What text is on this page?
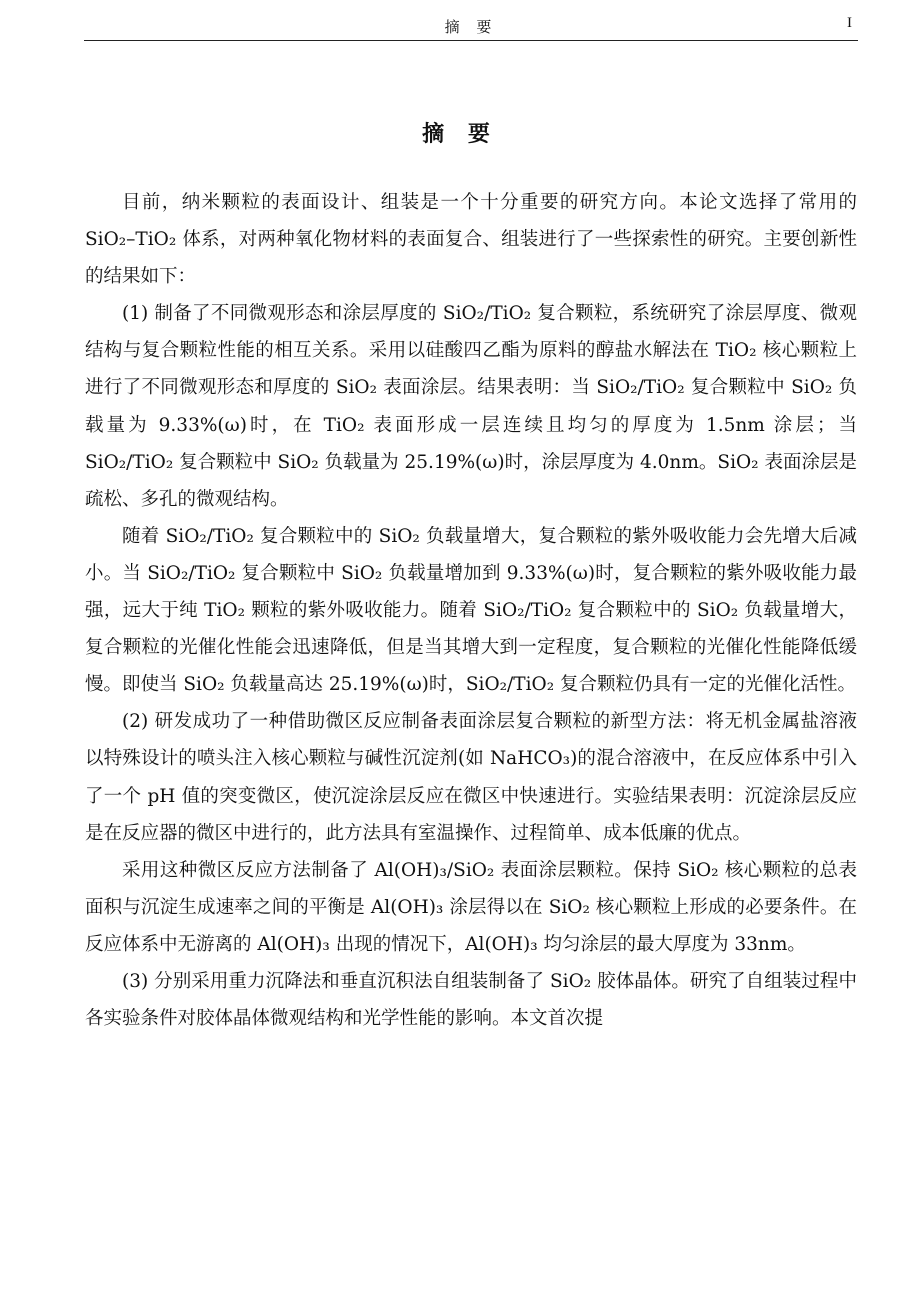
摘 要	I
摘 要

目前，纳米颗粒的表面设计、组装是一个十分重要的研究方向。本论文选择了常用的 SiO₂–TiO₂ 体系，对两种氧化物材料的表面复合、组装进行了一些探索性的研究。主要创新性的结果如下：

(1) 制备了不同微观形态和涂层厚度的 SiO₂/TiO₂ 复合颗粒，系统研究了涂层厚度、微观结构与复合颗粒性能的相互关系。采用以硅酸四乙酯为原料的醇盐水解法在 TiO₂ 核心颗粒上进行了不同微观形态和厚度的 SiO₂ 表面涂层。结果表明：当 SiO₂/TiO₂ 复合颗粒中 SiO₂ 负载量为 9.33%(ω)时，在 TiO₂ 表面形成一层连续且均匀的厚度为 1.5nm 涂层；当 SiO₂/TiO₂ 复合颗粒中 SiO₂ 负载量为 25.19%(ω)时，涂层厚度为 4.0nm。SiO₂ 表面涂层是疏松、多孔的微观结构。

随着 SiO₂/TiO₂ 复合颗粒中的 SiO₂ 负载量增大，复合颗粒的紫外吸收能力会先增大后减小。当 SiO₂/TiO₂ 复合颗粒中 SiO₂ 负载量增加到 9.33%(ω)时，复合颗粒的紫外吸收能力最强，远大于纯 TiO₂ 颗粒的紫外吸收能力。随着 SiO₂/TiO₂ 复合颗粒中的 SiO₂ 负载量增大，复合颗粒的光催化性能会迅速降低，但是当其增大到一定程度，复合颗粒的光催化性能降低缓慢。即使当 SiO₂ 负载量高达 25.19%(ω)时，SiO₂/TiO₂ 复合颗粒仍具有一定的光催化活性。

(2) 研发成功了一种借助微区反应制备表面涂层复合颗粒的新型方法：将无机金属盐溶液以特殊设计的喷头注入核心颗粒与碱性沉淀剂(如 NaHCO₃)的混合溶液中，在反应体系中引入了一个 pH 值的突变微区，使沉淀涂层反应在微区中快速进行。实验结果表明：沉淀涂层反应是在反应器的微区中进行的，此方法具有室温操作、过程简单、成本低廉的优点。

采用这种微区反应方法制备了 Al(OH)₃/SiO₂ 表面涂层颗粒。保持 SiO₂ 核心颗粒的总表面积与沉淀生成速率之间的平衡是 Al(OH)₃ 涂层得以在 SiO₂ 核心颗粒上形成的必要条件。在反应体系中无游离的 Al(OH)₃ 出现的情况下，Al(OH)₃ 均匀涂层的最大厚度为 33nm。

(3) 分别采用重力沉降法和垂直沉积法自组装制备了 SiO₂ 胶体晶体。研究了自组装过程中各实验条件对胶体晶体微观结构和光学性能的影响。本文首次提
